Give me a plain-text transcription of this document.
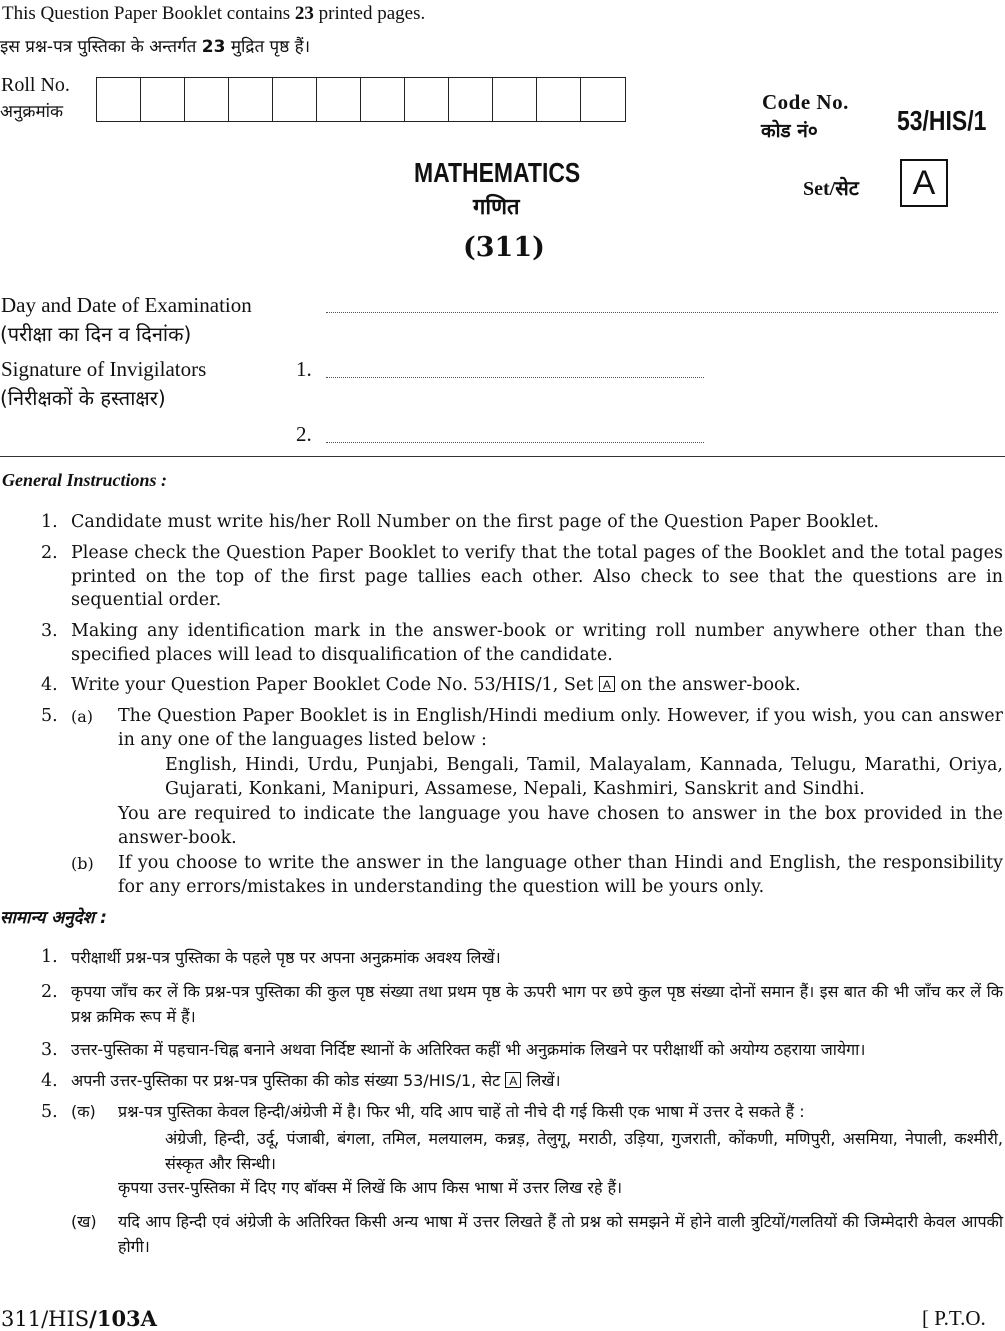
This Question Paper Booklet contains 23 printed pages.
इस प्रश्न-पत्र पुस्तिका के अन्तर्गत 23 मुद्रित पृष्ठ हैं।
Roll No.
अनुक्रमांक	Code No.
कोड नं०	53/HIS/1
Set/सेट	A
MATHEMATICS
गणित
(311)
Day and Date of Examination
(परीक्षा का दिन व दिनांक)
Signature of Invigilators	1.
(निरीक्षकों के हस्ताक्षर)
2.
General Instructions :
1. Candidate must write his/her Roll Number on the first page of the Question Paper Booklet.
2. Please check the Question Paper Booklet to verify that the total pages of the Booklet and the total pages printed on the top of the first page tallies each other. Also check to see that the questions are in sequential order.
3. Making any identification mark in the answer-book or writing roll number anywhere other than the specified places will lead to disqualification of the candidate.
4. Write your Question Paper Booklet Code No. 53/HIS/1, Set A on the answer-book.
5. (a) The Question Paper Booklet is in English/Hindi medium only. However, if you wish, you can answer in any one of the languages listed below :
English, Hindi, Urdu, Punjabi, Bengali, Tamil, Malayalam, Kannada, Telugu, Marathi, Oriya, Gujarati, Konkani, Manipuri, Assamese, Nepali, Kashmiri, Sanskrit and Sindhi.
You are required to indicate the language you have chosen to answer in the box provided in the answer-book.
(b) If you choose to write the answer in the language other than Hindi and English, the responsibility for any errors/mistakes in understanding the question will be yours only.
सामान्य अनुदेश :
1. परीक्षार्थी प्रश्न-पत्र पुस्तिका के पहले पृष्ठ पर अपना अनुक्रमांक अवश्य लिखें।
2. कृपया जाँच कर लें कि प्रश्न-पत्र पुस्तिका की कुल पृष्ठ संख्या तथा प्रथम पृष्ठ के ऊपरी भाग पर छपे कुल पृष्ठ संख्या दोनों समान हैं। इस बात की भी जाँच कर लें कि प्रश्न क्रमिक रूप में हैं।
3. उत्तर-पुस्तिका में पहचान-चिह्न बनाने अथवा निर्दिष्ट स्थानों के अतिरिक्त कहीं भी अनुक्रमांक लिखने पर परीक्षार्थी को अयोग्य ठहराया जायेगा।
4. अपनी उत्तर-पुस्तिका पर प्रश्न-पत्र पुस्तिका की कोड संख्या 53/HIS/1, सेट A लिखें।
5. (क) प्रश्न-पत्र पुस्तिका केवल हिन्दी/अंग्रेजी में है। फिर भी, यदि आप चाहें तो नीचे दी गई किसी एक भाषा में उत्तर दे सकते हैं :
अंग्रेजी, हिन्दी, उर्दू, पंजाबी, बंगला, तमिल, मलयालम, कन्नड़, तेलुगू, मराठी, उड़िया, गुजराती, कोंकणी, मणिपुरी, असमिया, नेपाली, कश्मीरी, संस्कृत और सिन्धी।
कृपया उत्तर-पुस्तिका में दिए गए बॉक्स में लिखें कि आप किस भाषा में उत्तर लिख रहे हैं।
(ख) यदि आप हिन्दी एवं अंग्रेजी के अतिरिक्त किसी अन्य भाषा में उत्तर लिखते हैं तो प्रश्न को समझने में होने वाली त्रुटियों/गलतियों की जिम्मेदारी केवल आपकी होगी।
311/HIS/103A	[ P.T.O.
